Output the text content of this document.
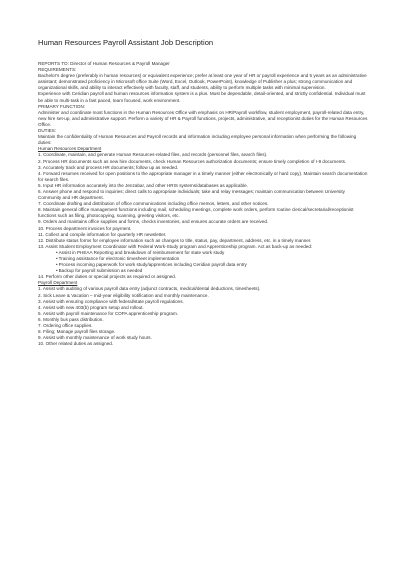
Human Resources Payroll Assistant Job Description
REPORTS TO: Director of Human Resources & Payroll Manager
REQUIREMENTS:
Bachelor's degree (preferably in human resources) or equivalent experience; prefer at least one year of HR or payroll experience and 5 years as an administrative assistant; demonstrated proficiency in Microsoft office Suite (Word, Excel, Outlook, PowerPoint), knowledge of Publisher a plus; strong communication and organizational skills, and ability to interact effectively with faculty, staff, and students, ability to perform multiple tasks with minimal supervision.
Experience with Ceridian payroll and human resources information system is a plus. Must be dependable, detail-oriented, and strictly confidential. Individual must be able to multi-task in a fast paced, team focused, work environment.
PRIMARY FUNCTION:
Administer and coordinate most functions in the Human Resources Office with emphasis on HR/Payroll workflow, student employment, payroll-related data entry, new hire set-up, and administrative support. Perform a variety of HR & Payroll functions, projects, administrative, and receptionist duties for the Human Resources Office.
DUTIES:
Maintain the confidentiality of Human Resources and Payroll records and information including employee personal information when performing the following duties:
Human Resources Department
1. Coordinate, maintain, and generate Human Resources-related files, and records (personnel files, search files).
2. Process HR documents such as new hire documents, check Human Resources authorization documents; ensure timely completion of I-9 documents.
3. Accurately track and process HR documents; follow up as needed.
4. Forward resumes received for open positions to the appropriate manager in a timely manner (either electronically or hard copy). Maintain search documentation for search files.
5. Input HR information accurately into the Jenzabar, and other HRIS systems/databases as applicable.
6. Answer phone and respond to inquiries; direct calls to appropriate individuals; take and relay messages; maintain communication between University Community and HR department.
7. Coordinate drafting and distribution of office communications including office memos, letters, and other notices.
8. Maintain general office management functions including mail, scheduling meetings, complete work orders, perform routine clerical/secretarial/receptionist functions such as filing, photocopying, scanning, greeting visitors, etc.
9. Orders and maintains office supplies and forms, checks inventories, and ensures accurate orders are received.
10. Process department invoices for payment.
11. Collect and compile information for quarterly HR newsletter.
12. Distribute status forms for employee information such as changes to title, status, pay, department, address, etc. in a timely manner.
13. Assist Student Employment Coordinator with Federal Work-Study program and Apprenticeship program. Act as back-up as needed:
• Assist in PHEAA Reporting and breakdown of reimbursement for state work study
• Training assistance for electronic timesheet implementation
• Process incoming paperwork for work study/apprentices including Ceridian payroll data entry
• Backup for payroll submission as needed
14. Perform other duties or special projects as required or assigned.
Payroll Department
1. Assist with auditing of various payroll data entry (adjunct contracts, medical/dental deductions, timesheets).
2. Sick Leave & Vacation – mid-year eligibility notification and monthly maintenance.
3. Assist with ensuring compliance with federal/state payroll regulations.
4. Assist with new 403(b) program setup and rollout.
5. Assist with payroll maintenance for COPA apprenticeship program.
6. Monthly bus pass distribution.
7. Ordering office supplies.
8. Filing; Manage payroll files storage.
9. Assist with monthly maintenance of work study hours.
10. Other related duties as assigned.
